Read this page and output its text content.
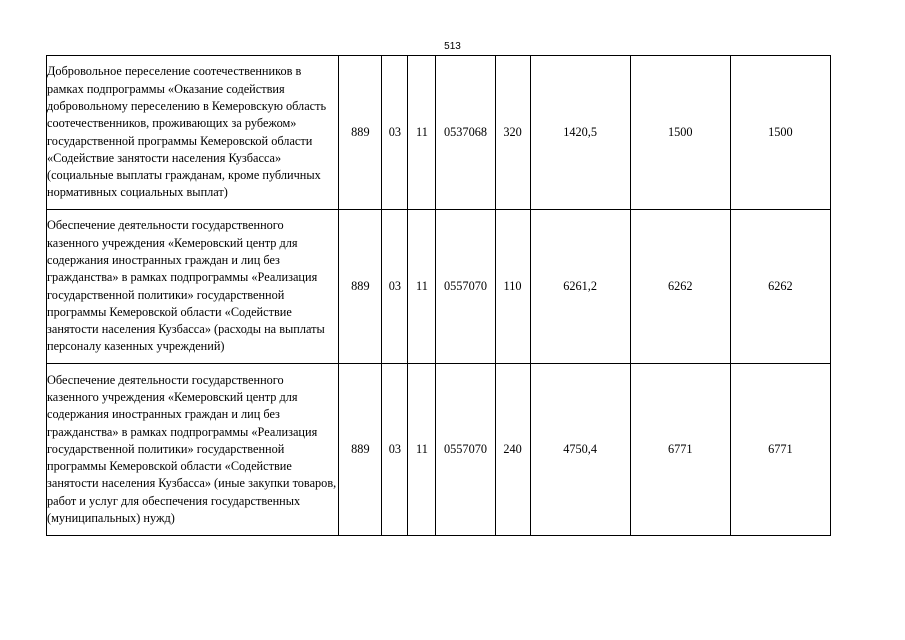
513
Добровольное переселение соотечественников в рамках подпрограммы «Оказание содействия добровольному переселению в Кемеровскую область соотечественников, проживающих за рубежом» государственной программы Кемеровской области «Содействие занятости населения Кузбасса» (социальные выплаты гражданам, кроме публичных нормативных социальных выплат)	889	03	11	0537068	320	1420,5	1500	1500
Обеспечение деятельности государственного казенного учреждения «Кемеровский центр для содержания иностранных граждан и лиц без гражданства» в рамках подпрограммы «Реализация государственной политики» государственной программы Кемеровской области «Содействие занятости населения Кузбасса» (расходы на выплаты персоналу казенных учреждений)	889	03	11	0557070	110	6261,2	6262	6262
Обеспечение деятельности государственного казенного учреждения «Кемеровский центр для содержания иностранных граждан и лиц без гражданства» в рамках подпрограммы «Реализация государственной политики» государственной программы Кемеровской области «Содействие занятости населения Кузбасса» (иные закупки товаров, работ и услуг для обеспечения государственных (муниципальных) нужд)	889	03	11	0557070	240	4750,4	6771	6771
